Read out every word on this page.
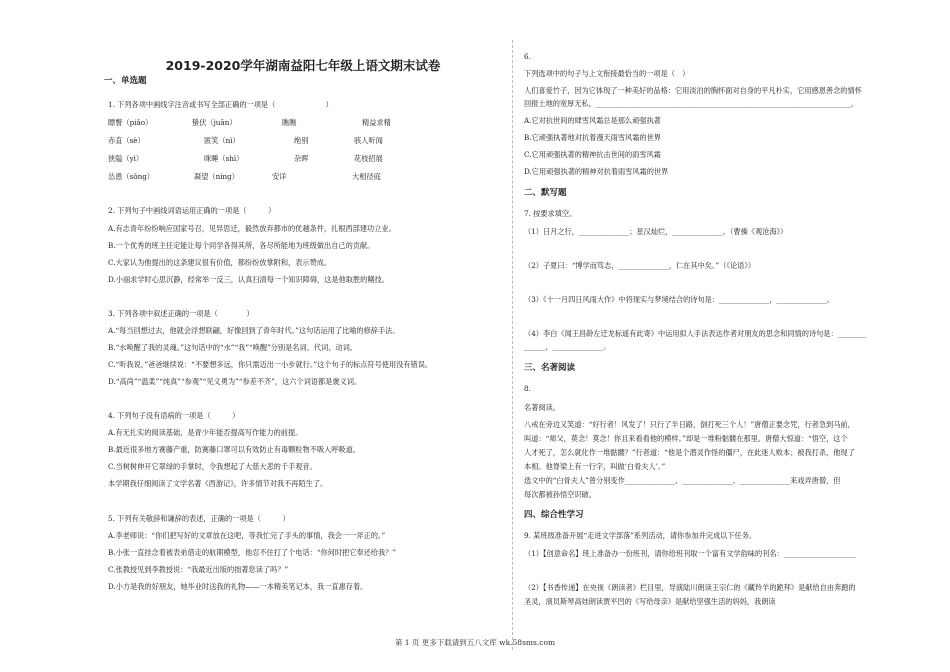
2019-2020学年湖南益阳七年级上语文期末试卷
一、单选题
1. 下列各项中画线字注音或书写全部正确的一项是（　　　　　　　）
瞟瞥（piǎo）	蛰伏（juān）	瞧瞧	精益求精
赤直（sè）	匿笑（nì）	绝别	骇人听闻
狭隘（yì）	咪睡（shì）	杂晖	花枝招展
怂恿（sǒng）	凝望（níng）	安详	大相径庭
2. 下列句子中画线词语运用正确的一项是（　　　）
A.有志青年纷纷响应国家号召，见异思迁，毅然放弃都市的优越条件，扎根西部建功立业。
B.一个优秀的班主任定能让每个同学各得其所，各尽所能地为班级做出自己的贡献。
C.大家认为他提出的这条建议很有价值，都纷纷放掌附和，表示赞成。
D.小丽求学时心思沉静，经常举一反三，认真扫清每一个知识障碍，这是他取胜的鳝技。
3. 下列各项中叙述正确的一项是（　　　　）
A.“每当回想过去，他就会浮想联翩，好像回到了青年时代。”这句话运用了比喻的修辞手法。
B.“水唤醒了我的灵魂。”这句话中的“水”“我”“唤醒”分别是名词、代词、动词。
C.“听我说，”爸爸继续说：“不要想多远，你只需迈出一小步就行。”这个句子的标点符号使用没有错误。
D.“高尚”“温柔”“纯真”“参观”“见义勇为”“参差不齐”，这六个词语都是褒义词。
4. 下列句子没有语病的一项是（　　　）
A.有无扎实的阅读基础，是青少年能否提高写作能力的前提。
B.最近很多地方赛藤产重，防赛藤口罩可以有效防止有毒颗粒物不吸入呼吸道。
C.当树树伸开它翠绿的手掌时，令我想起了大慈大悲的千手观音。
本学期我仔细阅读了文学名著《西游记》，许多情节对我不再陌生了。
5. 下列有关敬辞和谦辞的表述，正确的一项是（　　　）
A.李老师说：“你们把写好的文章放在这吧，等我忙完了手头的事情，我会一一斧正的。”
B.小张一直挂念着被表弟借走的航期模型，他忍不住打了个电话：“你何时把它奉还给我？”
C.张教授见到李教授说：“我最近出版的拙著您读了吗？”
D.小方是我的好朋友，她毕业时送我的礼物——一本精美笔记本，我一直惠存着。
6.
下列选项中的句子与上文衔接最恰当的一项是（　）
人们喜爱竹子，因为它体现了一种美好的品格：它用淡泊的胸怀面对自身的平凡朴实，它用感恩善念的情怀
回报土地的宽厚无私，_______________________________________________________________________。
A.它对抗世间的肆雪风霜总是那么顽强执著
B.它顽强执著地对抗着漫天雨雪风霜的世界
C.它用顽强执著的精神抗击世间的雨雪风霜
D.它用顽强执著的精神对抗着雨雪风霜的世界
二、默写题
7. 按要求填空。
（1）日月之行，______________；星汉灿烂，______________。（曹操《观沧海》）
（2）子夏曰：“博学而笃志，______________，仁在其中矣。”（《论语》）
（3）《十一月四日风雨大作》中将现实与梦境结合的诗句是：______________，______________。
（4）李白《闻王昌龄左迁龙标遥有此寄》中运用拟人手法表达作者对朋友的思念和同情的诗句是：________
______，______________。
三、名著阅读
8.
名著阅读。
八戒在旁边又笑道：“好行者！风发了！只行了半日路，倒打死三个人！”唐僧正要念咒，行者急到马前，
叫道：“师父，莫念！莫念！你且来看看他的模样。”却是一堆粉骷髅在那里。唐僧大惊道：“悟空，这个
人才死了，怎么就化作一堆骷髅？”行者道：“他是个潜灵作怪的僵尸，在此迷人败本；被我打杀，他现了
本相。他脊梁上有一行字，叫做‘白骨夫人’。”
选文中的“白骨夫人”曾分别变作______________、______________、______________来戏弄唐僧，但
每次都被孙悟空识破。
四、综合性学习
9. 某班级准备开展“走进文学部落”系列活动，请你参加并完成以下任务。
（1）【创意命名】班上准备办一份班刊，请你给班刊取一个富有文学韵味的刊名：____________________
（2）【书香传递】在央视《朗读者》栏目里，导演陆川朗读王宗仁的《藏羚羊的跪拜》是献给自由奔跑的
圣灵，演员斯琴高娃朗读贾平凹的《写给母亲》是献给坚强生活的妈妈，我朗读
第 1 页 更多下载请到五八文库 wk.58sms.com
